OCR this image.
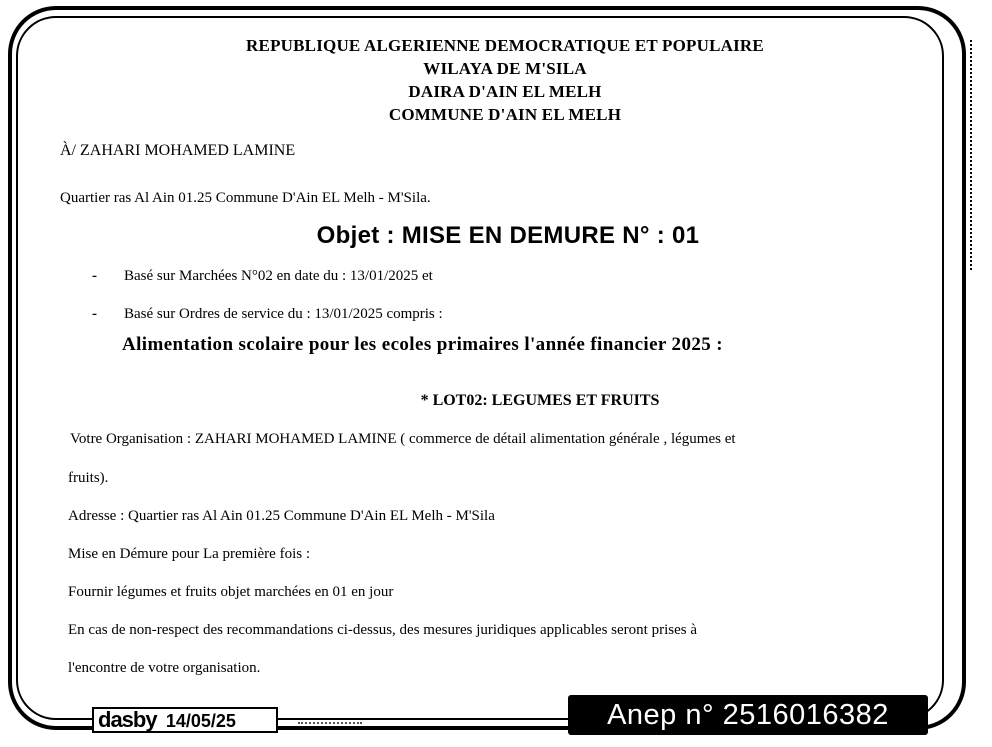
REPUBLIQUE ALGERIENNE DEMOCRATIQUE ET POPULAIRE
WILAYA DE M'SILA
DAIRA D'AIN EL MELH
COMMUNE D'AIN EL MELH
À/ ZAHARI MOHAMED LAMINE
Quartier ras Al Ain 01.25 Commune D'Ain EL Melh - M'Sila.
Objet : MISE EN DEMURE N° : 01
- Basé sur Marchées N°02 en date du : 13/01/2025 et
- Basé sur Ordres de service du : 13/01/2025 compris :
Alimentation scolaire pour les ecoles primaires l'année financier 2025 :
* LOT02: LEGUMES ET FRUITS
Votre Organisation : ZAHARI MOHAMED LAMINE ( commerce de détail alimentation générale , légumes et
fruits).
Adresse : Quartier ras Al Ain 01.25 Commune D'Ain EL Melh - M'Sila
Mise en Démure pour La première fois :
Fournir légumes et fruits objet marchées en 01 en jour
En cas de non-respect des recommandations ci-dessus, des mesures juridiques applicables seront prises à
l'encontre de votre organisation.
dasby 14/05/25	Anep n° 2516016382
